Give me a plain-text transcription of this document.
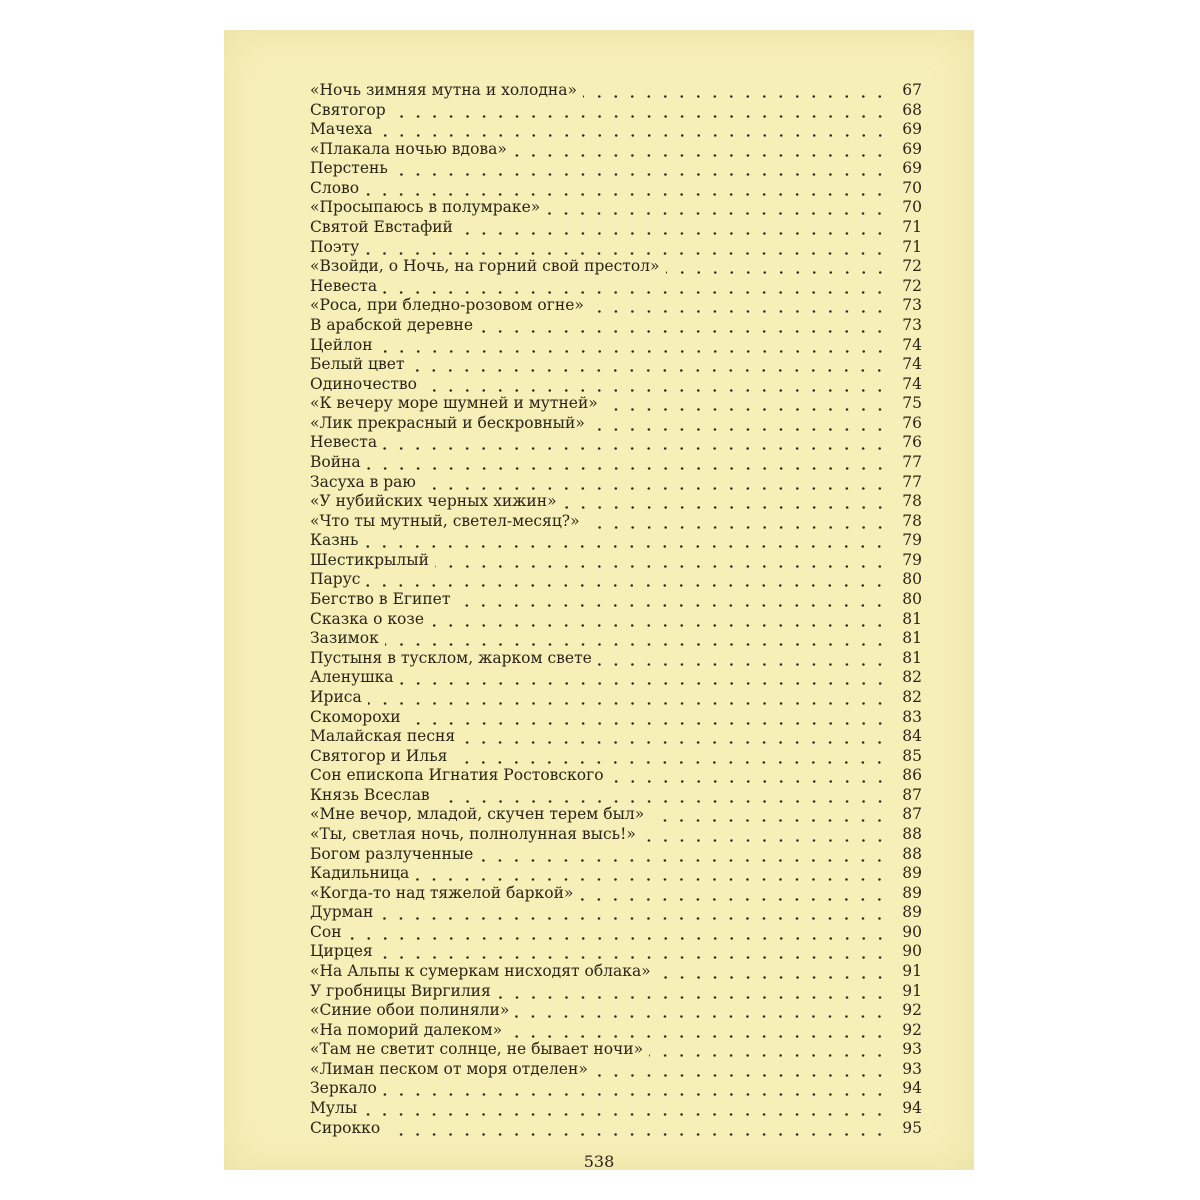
«Ночь зимняя мутна и холодна»	67
Святогор	68
Мачеха	69
«Плакала ночью вдова»	69
Перстень	69
Слово	70
«Просыпаюсь в полумраке»	70
Святой Евстафий	71
Поэту	71
«Взойди, о Ночь, на горний свой престол»	72
Невеста	72
«Роса, при бледно-розовом огне»	73
В арабской деревне	73
Цейлон	74
Белый цвет	74
Одиночество	74
«К вечеру море шумней и мутней»	75
«Лик прекрасный и бескровный»	76
Невеста	76
Война	77
Засуха в раю	77
«У нубийских черных хижин»	78
«Что ты мутный, светел-месяц?»	78
Казнь	79
Шестикрылый	79
Парус	80
Бегство в Египет	80
Сказка о козе	81
Зазимок	81
Пустыня в тусклом, жарком свете	81
Аленушка	82
Ириса	82
Скоморохи	83
Малайская песня	84
Святогор и Илья	85
Сон епископа Игнатия Ростовского	86
Князь Всеслав	87
«Мне вечор, младой, скучен терем был»	87
«Ты, светлая ночь, полнолунная высь!»	88
Богом разлученные	88
Кадильница	89
«Когда-то над тяжелой баркой»	89
Дурман	89
Сон	90
Цирцея	90
«На Альпы к сумеркам нисходят облака»	91
У гробницы Виргилия	91
«Синие обои полиняли»	92
«На поморий далеком»	92
«Там не светит солнце, не бывает ночи»	93
«Лиман песком от моря отделен»	93
Зеркало	94
Мулы	94
Сирокко	95
538
